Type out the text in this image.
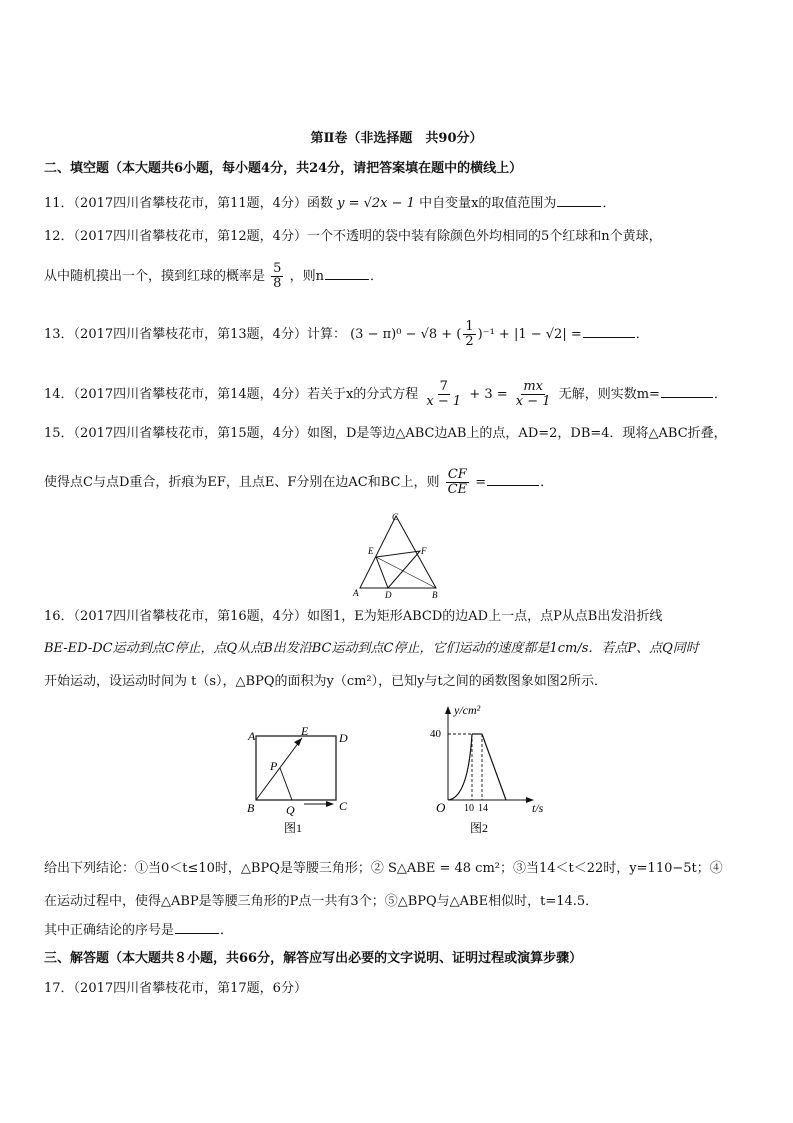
第Ⅱ卷（非选择题　共90分）
二、填空题（本大题共6小题，每小题4分，共24分，请把答案填在题中的横线上）
11．（2017四川省攀枝花市，第11题，4分）函数 y = √2x − 1 中自变量x的取值范围为	．
12．（2017四川省攀枝花市，第12题，4分）一个不透明的袋中装有除颜色外均相同的5个红球和n个黄球，
从中随机摸出一个，摸到红球的概率是 $\frac{5}{8}$ ，则n	．
13．（2017四川省攀枝花市，第13题，4分）计算： (3 − π)⁰ − √8 + ( $\frac{1}{2} )^{-1} + |1 - √2|$ =	．
14．（2017四川省攀枝花市，第14题，4分）若关于x的分式方程 $\frac{7}{x - 1} + 3 = \frac{mx}{x - 1}$ 无解，则实数m=	．
15．（2017四川省攀枝花市，第15题，4分）如图，D是等边△ABC边AB上的点，AD=2，DB=4．现将△ABC折叠，
使得点C与点D重合，折痕为EF，且点E、F分别在边AC和BC上，则 $\frac{CF}{CE}$ =	．
C
E	F
A	D	B
16．（2017四川省攀枝花市，第16题，4分）如图1，E为矩形ABCD的边AD上一点，点P从点B出发沿折线
BE-ED-DC运动到点C停止，点Q从点B出发沿BC运动到点C停止，它们运动的速度都是1cm/s．若点P、点Q同时
开始运动，设运动时间为 t（s），△BPQ的面积为y（cm²），已知y与t之间的函数图象如图2所示．
A	E	D
P
B	Q	C
图1
y/cm²
t/s
O
40
10 14
图2
给出下列结论：①当0＜t≤10时，△BPQ是等腰三角形；② S△ABE = 48 cm²；③当14＜t＜22时，y=110−5t；④
在运动过程中，使得△ABP是等腰三角形的P点一共有3个；⑤△BPQ与△ABE相似时，t=14.5．
其中正确结论的序号是	．
三、解答题（本大题共８小题，共66分，解答应写出必要的文字说明、证明过程或演算步骤）
17．（2017四川省攀枝花市，第17题，6分）
